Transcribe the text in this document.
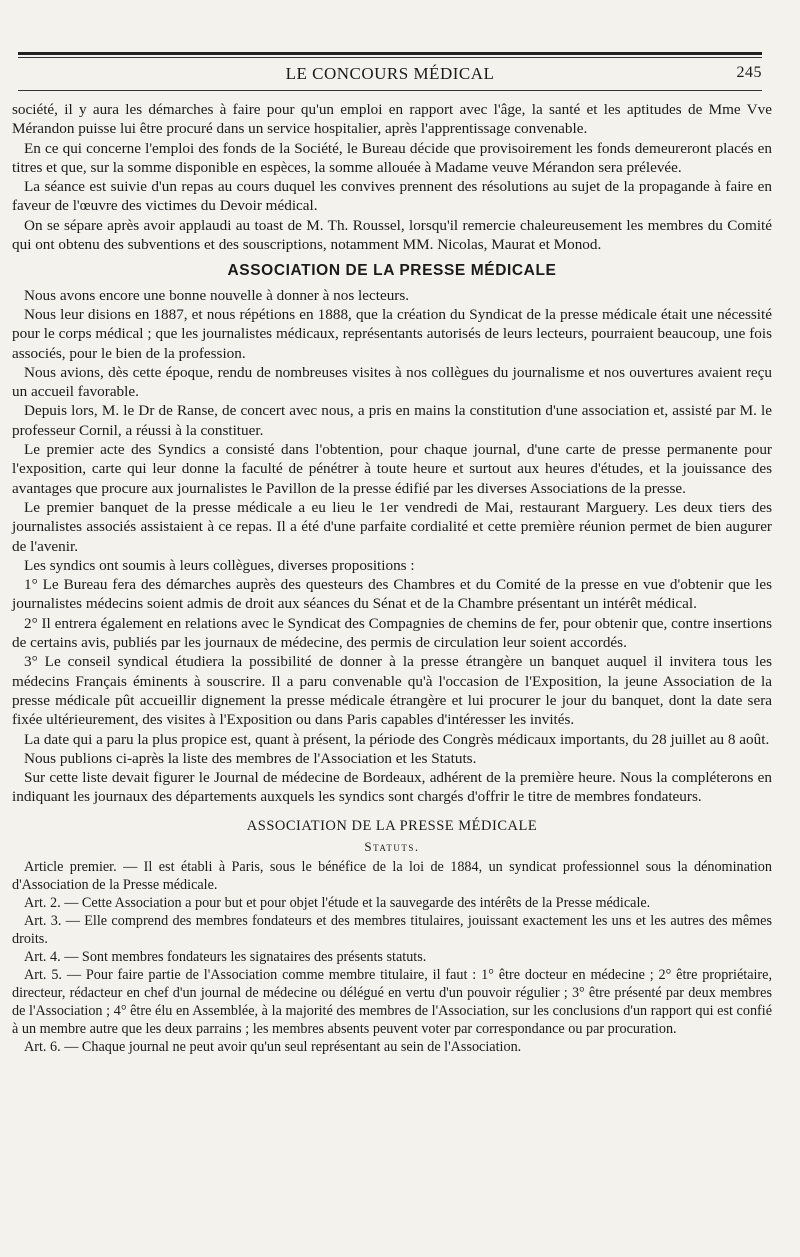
LE CONCOURS MÉDICAL	245

société, il y aura les démarches à faire pour qu'un emploi en rapport avec l'âge, la santé et les aptitudes de Mme Vve Mérandon puisse lui être procuré dans un service hospitalier, après l'apprentissage convenable.

En ce qui concerne l'emploi des fonds de la Société, le Bureau décide que provisoirement les fonds demeureront placés en titres et que, sur la somme disponible en espèces, la somme allouée à Madame veuve Mérandon sera prélevée.

La séance est suivie d'un repas au cours duquel les convives prennent des résolutions au sujet de la propagande à faire en faveur de l'œuvre des victimes du Devoir médical.

On se sépare après avoir applaudi au toast de M. Th. Roussel, lorsqu'il remercie chaleureusement les membres du Comité qui ont obtenu des subventions et des souscriptions, notamment MM. Nicolas, Maurat et Monod.

ASSOCIATION DE LA PRESSE MÉDICALE

Nous avons encore une bonne nouvelle à donner à nos lecteurs.

Nous leur disions en 1887, et nous répétions en 1888, que la création du Syndicat de la presse médicale était une nécessité pour le corps médical ; que les journalistes médicaux, représentants autorisés de leurs lecteurs, pourraient beaucoup, une fois associés, pour le bien de la profession.

Nous avions, dès cette époque, rendu de nombreuses visites à nos collègues du journalisme et nos ouvertures avaient reçu un accueil favorable.

Depuis lors, M. le Dr de Ranse, de concert avec nous, a pris en mains la constitution d'une association et, assisté par M. le professeur Cornil, a réussi à la constituer.

Le premier acte des Syndics a consisté dans l'obtention, pour chaque journal, d'une carte de presse permanente pour l'exposition, carte qui leur donne la faculté de pénétrer à toute heure et surtout aux heures d'études, et la jouissance des avantages que procure aux journalistes le Pavillon de la presse édifié par les diverses Associations de la presse.

Le premier banquet de la presse médicale a eu lieu le 1er vendredi de Mai, restaurant Marguery. Les deux tiers des journalistes associés assistaient à ce repas. Il a été d'une parfaite cordialité et cette première réunion permet de bien augurer de l'avenir.

Les syndics ont soumis à leurs collègues, diverses propositions :

1° Le Bureau fera des démarches auprès des questeurs des Chambres et du Comité de la presse en vue d'obtenir que les journalistes médecins soient admis de droit aux séances du Sénat et de la Chambre présentant un intérêt médical.

2° Il entrera également en relations avec le Syndicat des Compagnies de chemins de fer, pour obtenir que, contre insertions de certains avis, publiés par les journaux de médecine, des permis de circulation leur soient accordés.

3° Le conseil syndical étudiera la possibilité de donner à la presse étrangère un banquet auquel il invitera tous les médecins Français éminents à souscrire. Il a paru convenable qu'à l'occasion de l'Exposition, la jeune Association de la presse médicale pût accueillir dignement la presse médicale étrangère et lui procurer le jour du banquet, dont la date sera fixée ultérieurement, des visites à l'Exposition ou dans Paris capables d'intéresser les invités.

La date qui a paru la plus propice est, quant à présent, la période des Congrès médicaux importants, du 28 juillet au 8 août.

Nous publions ci-après la liste des membres de l'Association et les Statuts.

Sur cette liste devait figurer le Journal de médecine de Bordeaux, adhérent de la première heure. Nous la compléterons en indiquant les journaux des départements auxquels les syndics sont chargés d'offrir le titre de membres fondateurs.

ASSOCIATION DE LA PRESSE MÉDICALE
Statuts.

Article premier. — Il est établi à Paris, sous le bénéfice de la loi de 1884, un syndicat professionnel sous la dénomination d'Association de la Presse médicale.

Art. 2. — Cette Association a pour but et pour objet l'étude et la sauvegarde des intérêts de la Presse médicale.

Art. 3. — Elle comprend des membres fondateurs et des membres titulaires, jouissant exactement les uns et les autres des mêmes droits.

Art. 4. — Sont membres fondateurs les signataires des présents statuts.

Art. 5. — Pour faire partie de l'Association comme membre titulaire, il faut : 1° être docteur en médecine ; 2° être propriétaire, directeur, rédacteur en chef d'un journal de médecine ou délégué en vertu d'un pouvoir régulier ; 3° être présenté par deux membres de l'Association ; 4° être élu en Assemblée, à la majorité des membres de l'Association, sur les conclusions d'un rapport qui est confié à un membre autre que les deux parrains ; les membres absents peuvent voter par correspondance ou par procuration.

Art. 6. — Chaque journal ne peut avoir qu'un seul représentant au sein de l'Association.
